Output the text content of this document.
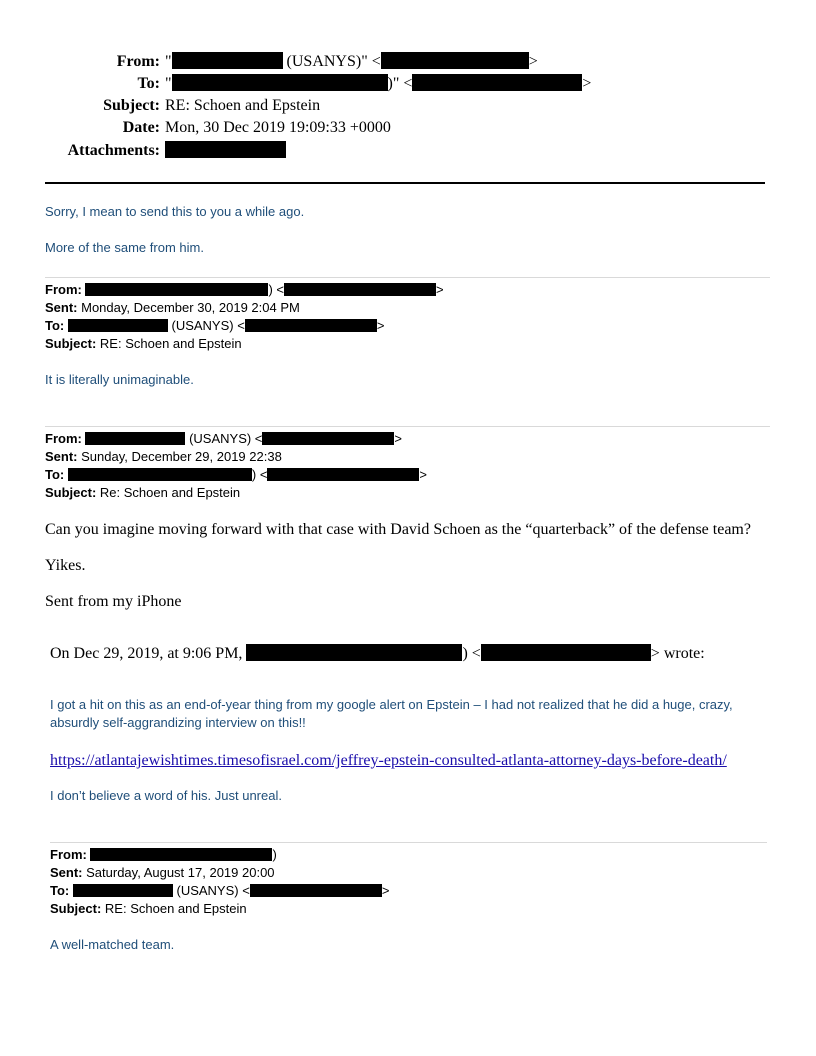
From: "	(USANYS)" <	>
To: "	)" <	>
Subject: RE: Schoen and Epstein
Date: Mon, 30 Dec 2019 19:09:33 +0000
Attachments:
Sorry, I mean to send this to you a while ago.
More of the same from him.
From:	) <	>
Sent: Monday, December 30, 2019 2:04 PM
To:	(USANYS) <	>
Subject: RE: Schoen and Epstein
It is literally unimaginable.
From:	(USANYS) <	>
Sent: Sunday, December 29, 2019 22:38
To:	) <	>
Subject: Re: Schoen and Epstein
Can you imagine moving forward with that case with David Schoen as the “quarterback” of the defense team?
Yikes.
Sent from my iPhone
On Dec 29, 2019, at 9:06 PM,	) <	> wrote:
I got a hit on this as an end-of-year thing from my google alert on Epstein – I had not realized that he did a huge, crazy,
absurdly self-aggrandizing interview on this!!
https://atlantajewishtimes.timesofisrael.com/jeffrey-epstein-consulted-atlanta-attorney-days-before-death/
I don’t believe a word of his. Just unreal.
From:	)
Sent: Saturday, August 17, 2019 20:00
To:	(USANYS) <	>
Subject: RE: Schoen and Epstein
A well-matched team.
